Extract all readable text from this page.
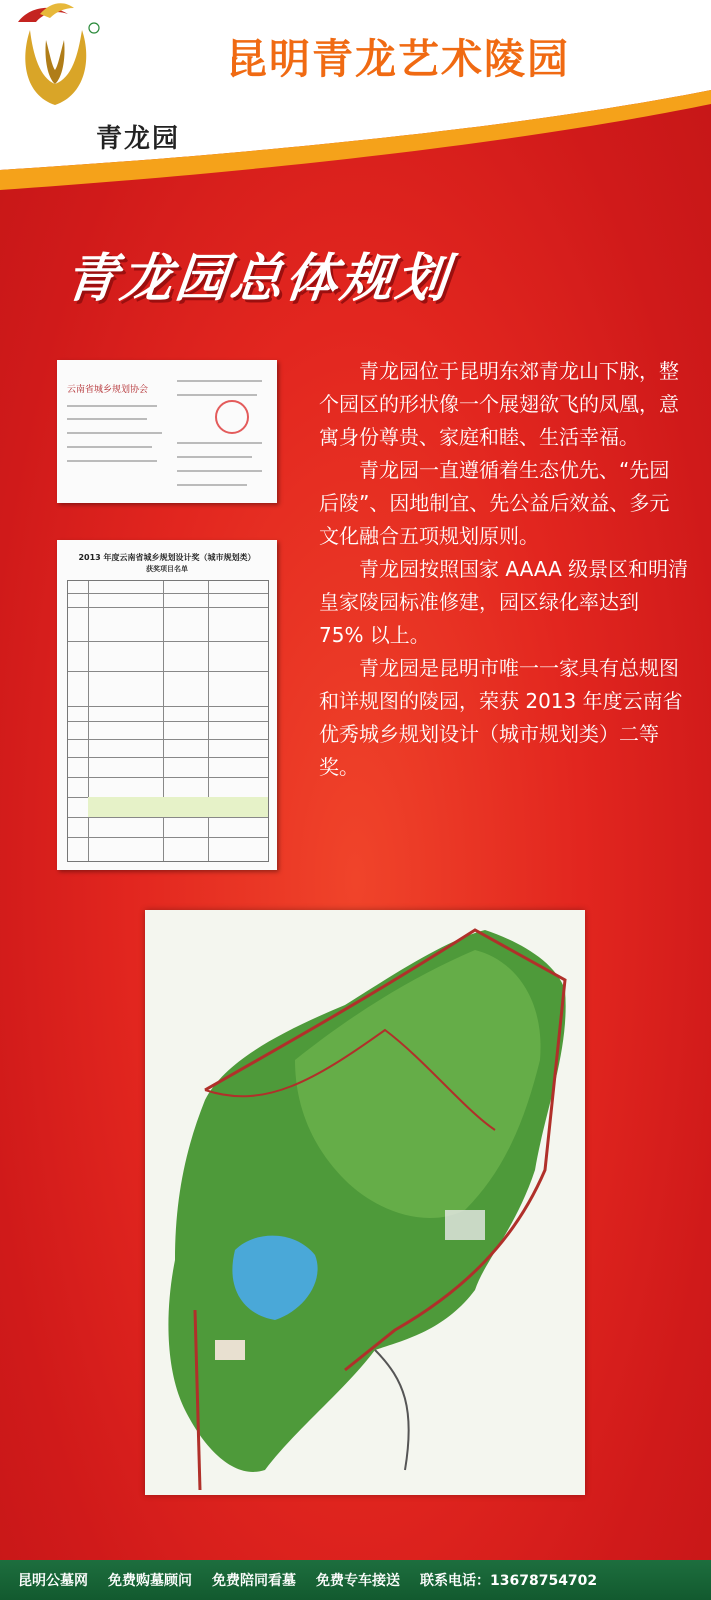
青龙园
昆明青龙艺术陵园
青龙园总体规划
云南省城乡规划协会
2013 年度云南省城乡规划设计奖（城市规划类）
获奖项目名单

青龙园位于昆明东郊青龙山下脉，整个园区的形状像一个展翅欲飞的凤凰，意寓身份尊贵、家庭和睦、生活幸福。

青龙园一直遵循着生态优先、“先园后陵”、因地制宜、先公益后效益、多元文化融合五项规划原则。

青龙园按照国家 AAAA 级景区和明清皇家陵园标准修建，园区绿化率达到 75% 以上。

青龙园是昆明市唯一一家具有总规图和详规图的陵园，荣获 2013 年度云南省优秀城乡规划设计（城市规划类）二等奖。

昆明公墓网 免费购墓顾问 免费陪同看墓 免费专车接送 联系电话：13678754702
